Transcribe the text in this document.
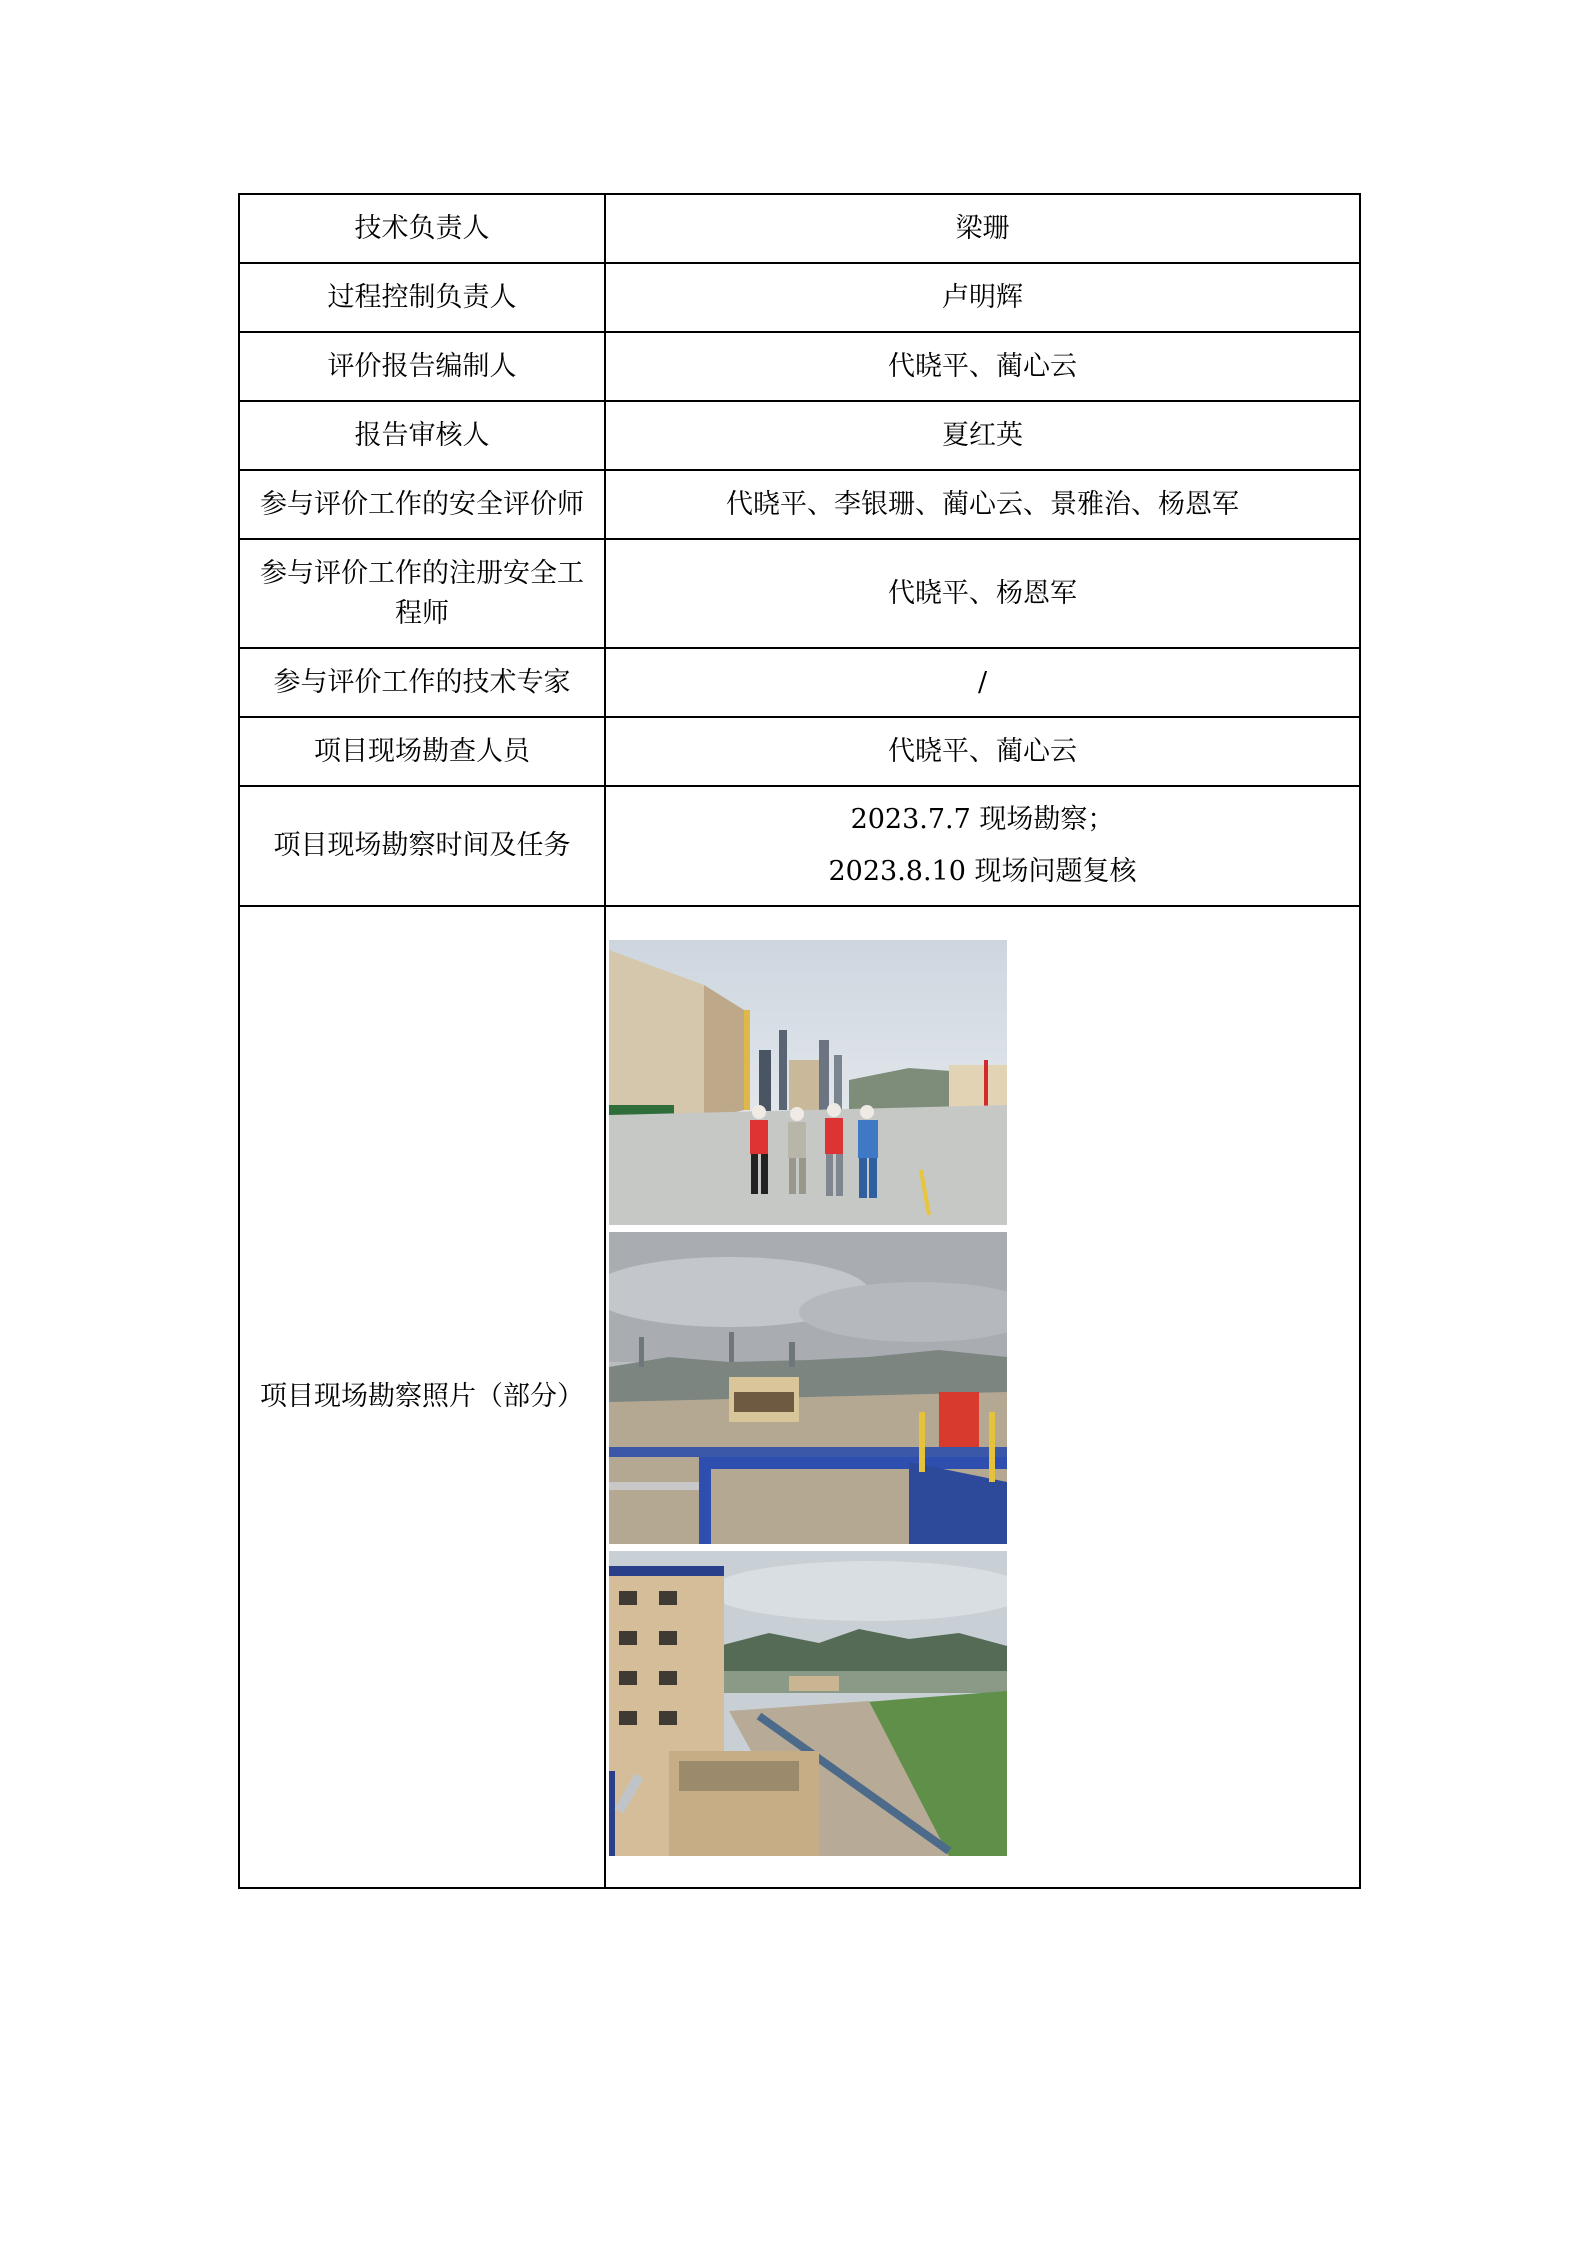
技术负责人	梁珊
过程控制负责人	卢明辉
评价报告编制人	代晓平、蔺心云
报告审核人	夏红英
参与评价工作的安全评价师	代晓平、李银珊、蔺心云、景雅治、杨恩军

参与评价工作的注册安全工
程师	代晓平、杨恩军
参与评价工作的技术专家	/
项目现场勘查人员	代晓平、蔺心云
项目现场勘察时间及任务	2023.7.7 现场勘察；
2023.8.10 现场问题复核

项目现场勘察照片（部分）	
